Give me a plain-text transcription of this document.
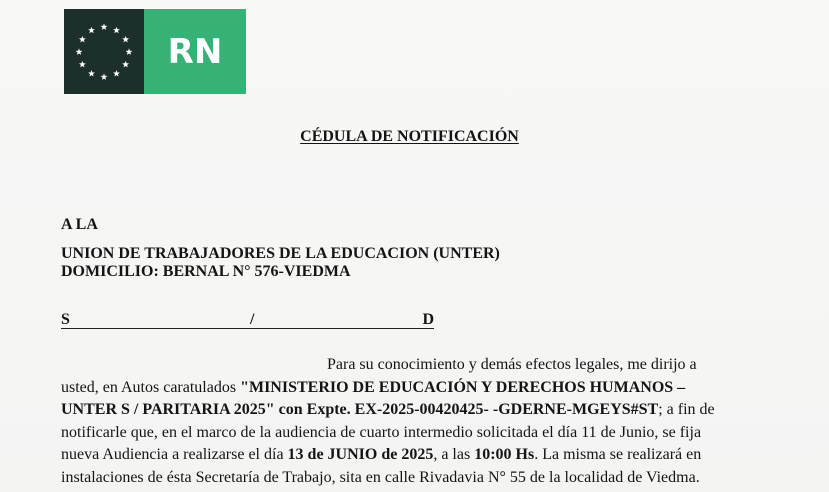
RN
CÉDULA DE NOTIFICACIÓN
A LA
UNION DE TRABAJADORES DE LA EDUCACION (UNTER)
DOMICILIO: BERNAL N° 576-VIEDMA
S	/	D
Para su conocimiento y demás efectos legales, me dirijo a
usted, en Autos caratulados "MINISTERIO DE EDUCACIÓN Y DERECHOS HUMANOS –
UNTER S / PARITARIA 2025" con Expte. EX-2025-00420425- -GDERNE-MGEYS#ST; a fin de
notificarle que, en el marco de la audiencia de cuarto intermedio solicitada el día 11 de Junio, se fija
nueva Audiencia a realizarse el día 13 de JUNIO de 2025, a las 10:00 Hs. La misma se realizará en
instalaciones de ésta Secretaría de Trabajo, sita en calle Rivadavia N° 55 de la localidad de Viedma.
